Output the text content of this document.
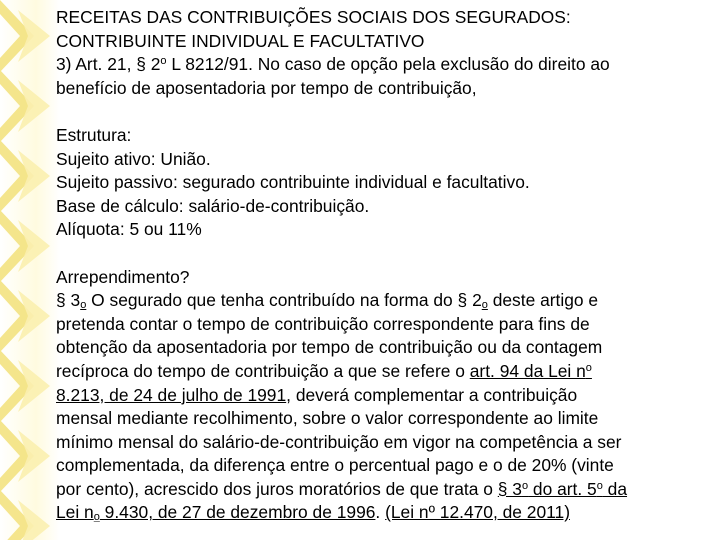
RECEITAS DAS CONTRIBUIÇÕES SOCIAIS DOS SEGURADOS:

CONTRIBUINTE INDIVIDUAL E FACULTATIVO

3) Art. 21, § 2$^o$ L 8212/91. No caso de opção pela exclusão do direito ao

benefício de aposentadoria por tempo de contribuição,

Estrutura:

Sujeito ativo: União.

Sujeito passivo: segurado contribuinte individual e facultativo.

Base de cálculo: salário-de-contribuição.

Alíquota: 5 ou 11%

Arrependimento?

§ 3o O segurado que tenha contribuído na forma do § 2o deste artigo e

pretenda contar o tempo de contribuição correspondente para fins de

obtenção da aposentadoria por tempo de contribuição ou da contagem

recíproca do tempo de contribuição a que se refere o art. 94 da Lei n$^o$

8.213, de 24 de julho de 1991, deverá complementar a contribuição

mensal mediante recolhimento, sobre o valor correspondente ao limite

mínimo mensal do salário-de-contribuição em vigor na competência a ser

complementada, da diferença entre o percentual pago e o de 20% (vinte

por cento), acrescido dos juros moratórios de que trata o § 3$^o$ do art. 5$^o$ da

Lei no 9.430, de 27 de dezembro de 1996. (Lei nº 12.470, de 2011)
